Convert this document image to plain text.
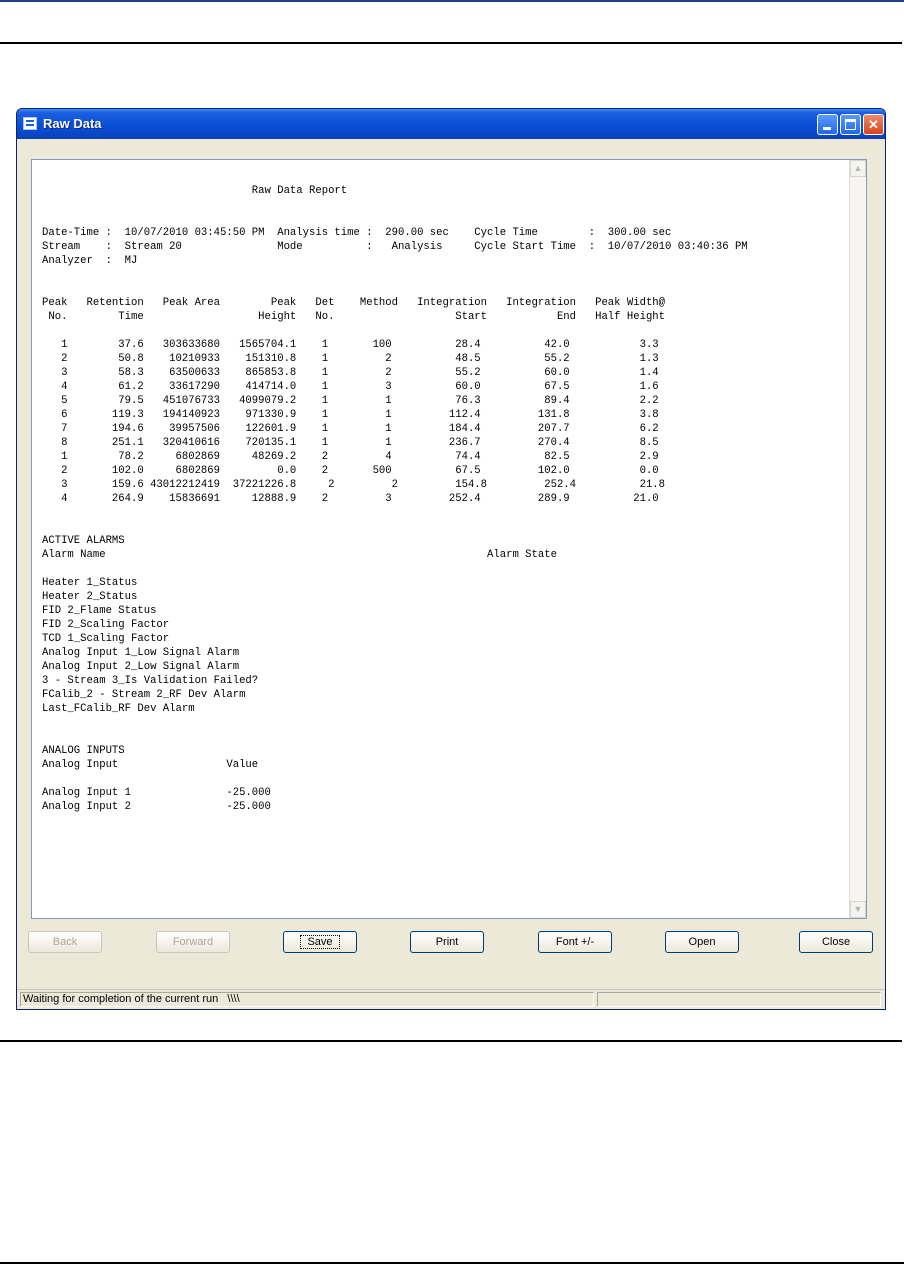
Raw Data	✕
Raw Data Report
Date-Time :  10/07/2010 03:45:50 PM  Analysis time :  290.00 sec    Cycle Time        :  300.00 sec
Stream    :  Stream 20               Mode          :   Analysis     Cycle Start Time  :  10/07/2010 03:40:36 PM
Analyzer  :  MJ
Peak   Retention   Peak Area        Peak   Det    Method   Integration   Integration   Peak Width@
No.        Time                  Height   No.                   Start           End   Half Height
1        37.6   303633680   1565704.1    1       100          28.4          42.0           3.3
2        50.8    10210933    151310.8    1         2          48.5          55.2           1.3
3        58.3    63500633    865853.8    1         2          55.2          60.0           1.4
4        61.2    33617290    414714.0    1         3          60.0          67.5           1.6
5        79.5   451076733   4099079.2    1         1          76.3          89.4           2.2
6       119.3   194140923    971330.9    1         1         112.4         131.8           3.8
7       194.6    39957506    122601.9    1         1         184.4         207.7           6.2
8       251.1   320410616    720135.1    1         1         236.7         270.4           8.5
1        78.2     6802869     48269.2    2         4          74.4          82.5           2.9
2       102.0     6802869         0.0    2       500          67.5         102.0           0.0
3       159.6 43012212419  37221226.8     2         2         154.8         252.4          21.8
4       264.9    15836691     12888.9    2         3         252.4         289.9          21.0
ACTIVE ALARMS
Alarm Name                                                            Alarm State
Heater 1_Status
Heater 2_Status
FID 2_Flame Status
FID 2_Scaling Factor
TCD 1_Scaling Factor
Analog Input 1_Low Signal Alarm
Analog Input 2_Low Signal Alarm
3 - Stream 3_Is Validation Failed?
FCalib_2 - Stream 2_RF Dev Alarm
Last_FCalib_RF Dev Alarm
ANALOG INPUTS
Analog Input                 Value
Analog Input 1               -25.000
Analog Input 2               -25.000
▲
▼
Back	Forward	Save	Print	Font +/-	Open	Close
Waiting for completion of the current run   \\\\
